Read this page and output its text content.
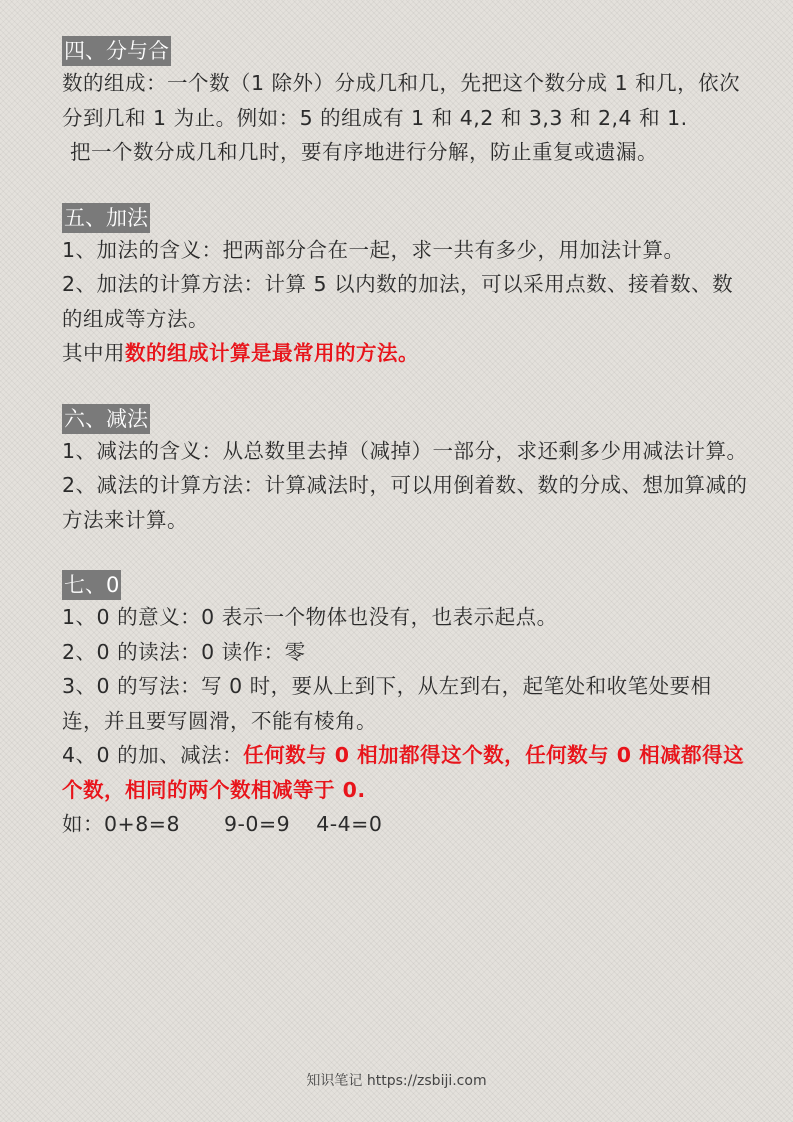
四、分与合

数的组成：一个数（1 除外）分成几和几，先把这个数分成 1 和几，依次分到几和 1 为止。例如：5 的组成有 1 和 4,2 和 3,3 和 2,4 和 1.

把一个数分成几和几时，要有序地进行分解，防止重复或遗漏。

五、加法

1、加法的含义：把两部分合在一起，求一共有多少，用加法计算。

2、加法的计算方法：计算 5 以内数的加法，可以采用点数、接着数、数的组成等方法。

其中用数的组成计算是最常用的方法。

六、减法

1、减法的含义：从总数里去掉（减掉）一部分，求还剩多少用减法计算。

2、减法的计算方法：计算减法时，可以用倒着数、数的分成、想加算减的方法来计算。

七、0

1、0 的意义：0 表示一个物体也没有，也表示起点。

2、0 的读法：0 读作：零

3、0 的写法：写 0 时，要从上到下，从左到右，起笔处和收笔处要相连，并且要写圆滑，不能有棱角。

4、0 的加、减法：任何数与 0 相加都得这个数，任何数与 0 相减都得这个数，相同的两个数相减等于 0.

如：0+8=8 9-0=9 4-4=0

知识笔记 https://zsbiji.com
